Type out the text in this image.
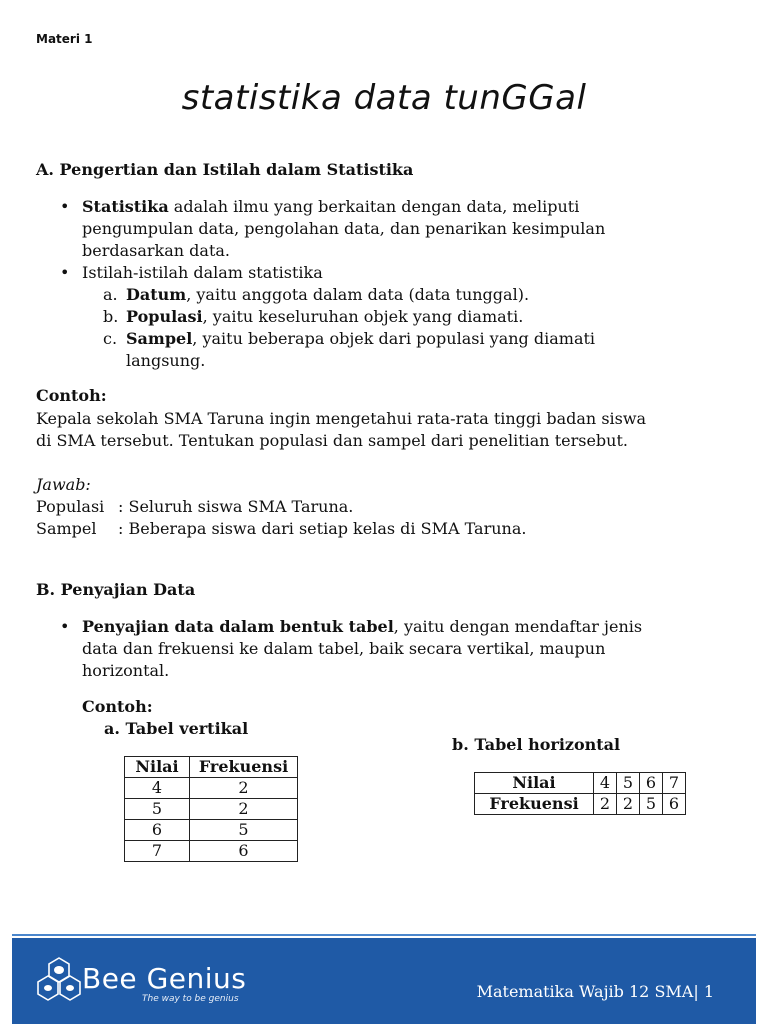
Materi 1
statistika data tunGGal
A. Pengertian dan Istilah dalam Statistika
• Statistika adalah ilmu yang berkaitan dengan data, meliputi
pengumpulan data, pengolahan data, dan penarikan kesimpulan
berdasarkan data.
• Istilah-istilah dalam statistika
a. Datum, yaitu anggota dalam data (data tunggal).
b. Populasi, yaitu keseluruhan objek yang diamati.
c. Sampel, yaitu beberapa objek dari populasi yang diamati
langsung.
Contoh:
Kepala sekolah SMA Taruna ingin mengetahui rata-rata tinggi badan siswa
di SMA tersebut. Tentukan populasi dan sampel dari penelitian tersebut.
Jawab:
Populasi : Seluruh siswa SMA Taruna.
Sampel : Beberapa siswa dari setiap kelas di SMA Taruna.
B. Penyajian Data
• Penyajian data dalam bentuk tabel, yaitu dengan mendaftar jenis
data dan frekuensi ke dalam tabel, baik secara vertikal, maupun
horizontal.
Contoh:
a. Tabel vertikal
b. Tabel horizontal
Nilai	Frekuensi
4	2
5	2
6	5
7	6
Nilai	4	5	6	7
Frekuensi	2	2	5	6
Bee Genius
The way to be genius	Matematika Wajib 12 SMA| 1
